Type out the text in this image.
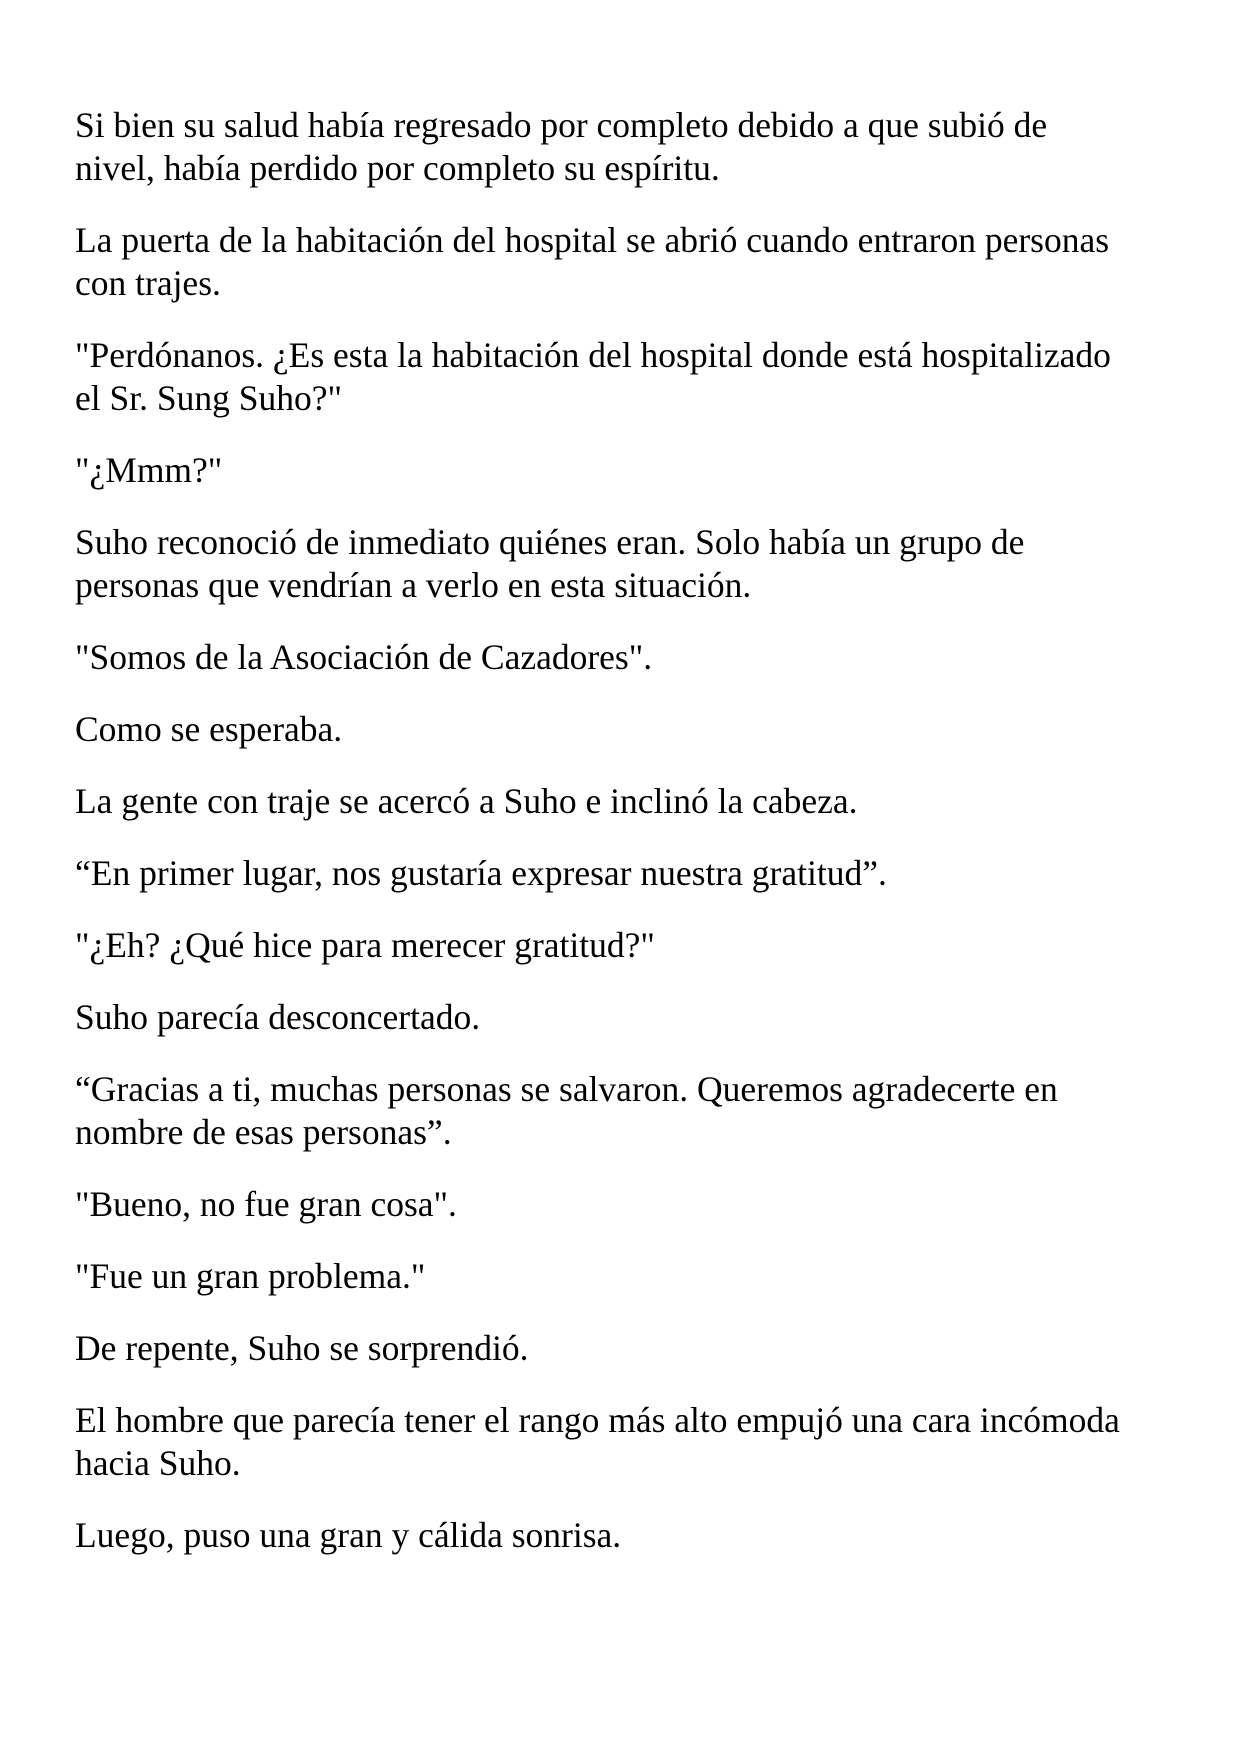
Si bien su salud había regresado por completo debido a que subió de nivel, había perdido por completo su espíritu.

La puerta de la habitación del hospital se abrió cuando entraron personas con trajes.

"Perdónanos. ¿Es esta la habitación del hospital donde está hospitalizado el Sr. Sung Suho?"

"¿Mmm?"

Suho reconoció de inmediato quiénes eran. Solo había un grupo de personas que vendrían a verlo en esta situación.

"Somos de la Asociación de Cazadores".

Como se esperaba.

La gente con traje se acercó a Suho e inclinó la cabeza.

“En primer lugar, nos gustaría expresar nuestra gratitud”.

"¿Eh? ¿Qué hice para merecer gratitud?"

Suho parecía desconcertado.

“Gracias a ti, muchas personas se salvaron. Queremos agradecerte en nombre de esas personas”.

"Bueno, no fue gran cosa".

"Fue un gran problema."

De repente, Suho se sorprendió.

El hombre que parecía tener el rango más alto empujó una cara incómoda hacia Suho.

Luego, puso una gran y cálida sonrisa.
